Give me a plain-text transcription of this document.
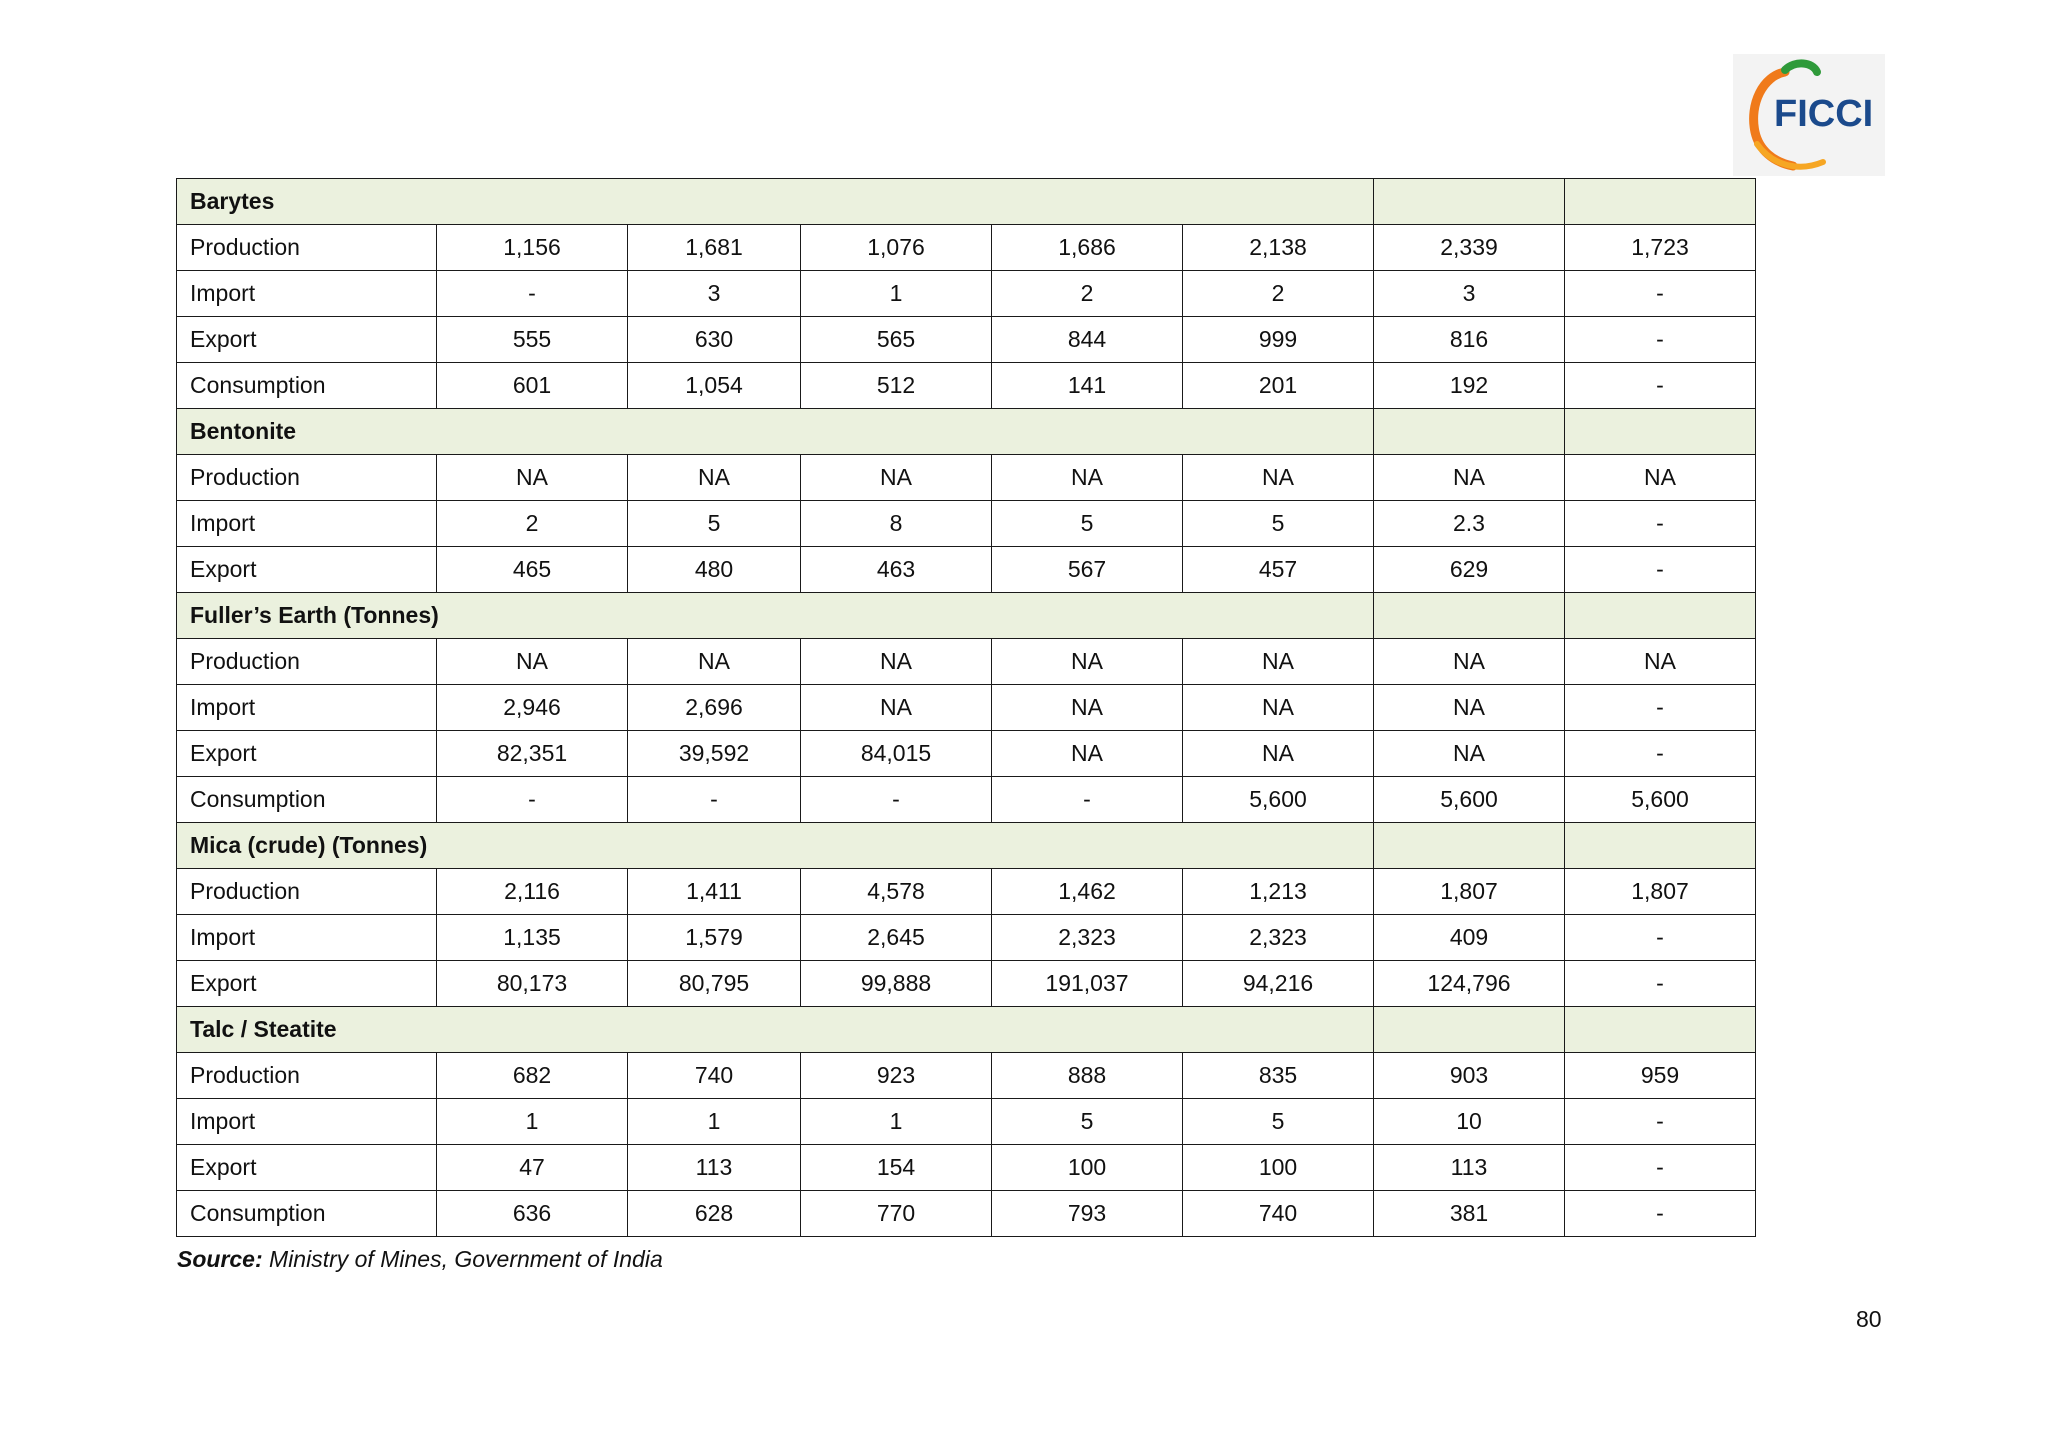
FICCI
Barytes							
Production	1,156	1,681	1,076	1,686	2,138	2,339	1,723
Import	-	3	1	2	2	3	-
Export	555	630	565	844	999	816	-
Consumption	601	1,054	512	141	201	192	-
Bentonite							
Production	NA	NA	NA	NA	NA	NA	NA
Import	2	5	8	5	5	2.3	-
Export	465	480	463	567	457	629	-
Fuller’s Earth (Tonnes)							
Production	NA	NA	NA	NA	NA	NA	NA
Import	2,946	2,696	NA	NA	NA	NA	-
Export	82,351	39,592	84,015	NA	NA	NA	-
Consumption	-	-	-	-	5,600	5,600	5,600
Mica (crude) (Tonnes)							
Production	2,116	1,411	4,578	1,462	1,213	1,807	1,807
Import	1,135	1,579	2,645	2,323	2,323	409	-
Export	80,173	80,795	99,888	191,037	94,216	124,796	-
Talc / Steatite							
Production	682	740	923	888	835	903	959
Import	1	1	1	5	5	10	-
Export	47	113	154	100	100	113	-
Consumption	636	628	770	793	740	381	-
Source: Ministry of Mines, Government of India
80
